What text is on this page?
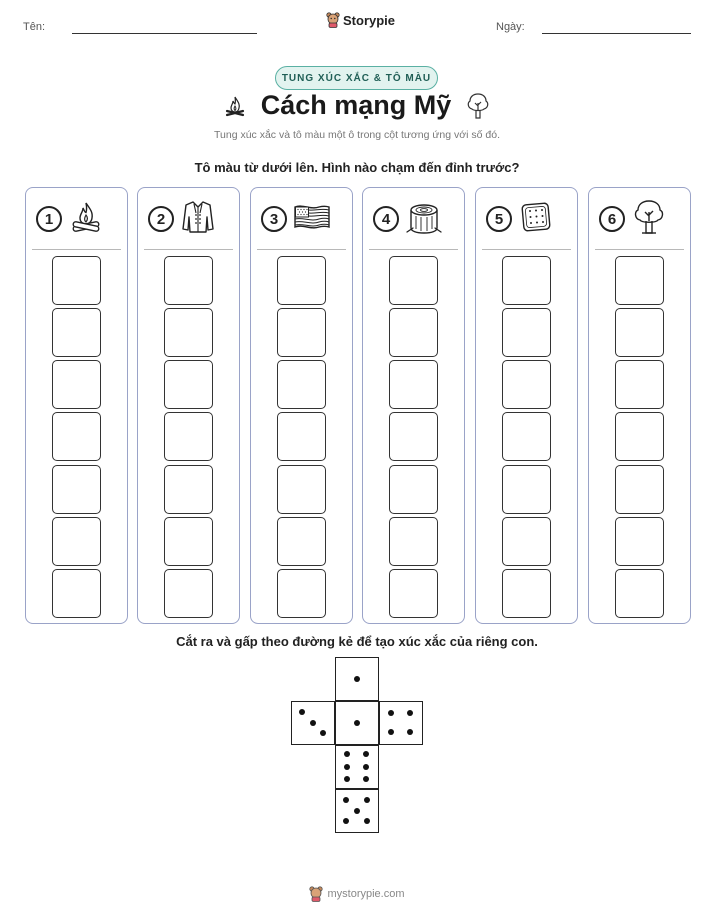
Tên:	Storypie	Ngày:
TUNG XÚC XẮC & TÔ MÀU
Cách mạng Mỹ
Tung xúc xắc và tô màu một ô trong cột tương ứng với số đó.
Tô màu từ dưới lên. Hình nào chạm đến đỉnh trước?
1	2	3	4	5	6
Cắt ra và gấp theo đường kẻ để tạo xúc xắc của riêng con.
mystorypie.com
